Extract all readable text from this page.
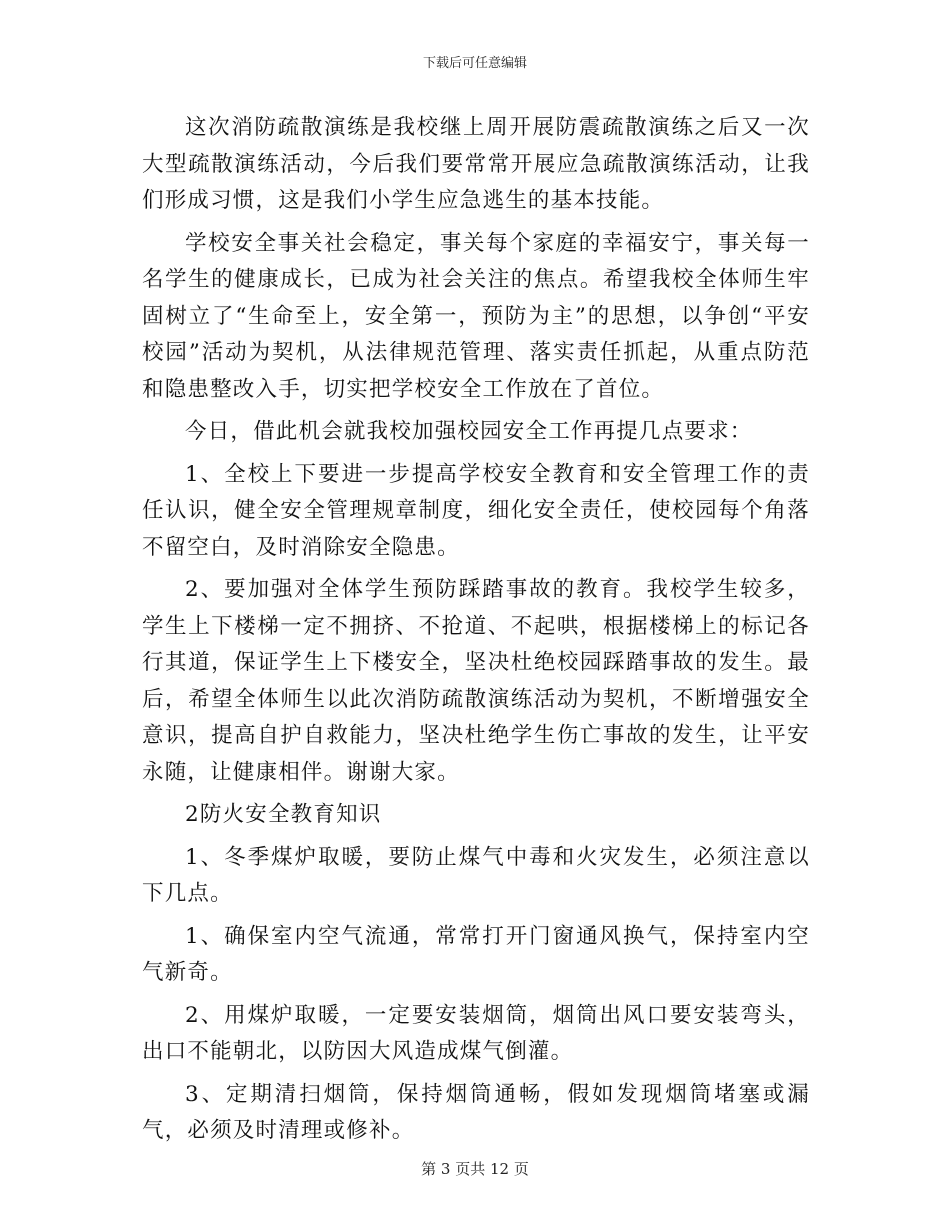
下载后可任意编辑

这次消防疏散演练是我校继上周开展防震疏散演练之后又一次大型疏散演练活动，今后我们要常常开展应急疏散演练活动，让我们形成习惯，这是我们小学生应急逃生的基本技能。

学校安全事关社会稳定，事关每个家庭的幸福安宁，事关每一名学生的健康成长，已成为社会关注的焦点。希望我校全体师生牢固树立了“生命至上，安全第一，预防为主”的思想，以争创“平安校园”活动为契机，从法律规范管理、落实责任抓起，从重点防范和隐患整改入手，切实把学校安全工作放在了首位。

今日，借此机会就我校加强校园安全工作再提几点要求：

1、全校上下要进一步提高学校安全教育和安全管理工作的责任认识，健全安全管理规章制度，细化安全责任，使校园每个角落不留空白，及时消除安全隐患。

2、要加强对全体学生预防踩踏事故的教育。我校学生较多，学生上下楼梯一定不拥挤、不抢道、不起哄，根据楼梯上的标记各行其道，保证学生上下楼安全，坚决杜绝校园踩踏事故的发生。最后，希望全体师生以此次消防疏散演练活动为契机，不断增强安全意识，提高自护自救能力，坚决杜绝学生伤亡事故的发生，让平安永随，让健康相伴。谢谢大家。

2防火安全教育知识

1、冬季煤炉取暖，要防止煤气中毒和火灾发生，必须注意以下几点。

1、确保室内空气流通，常常打开门窗通风换气，保持室内空气新奇。

2、用煤炉取暖，一定要安装烟筒，烟筒出风口要安装弯头，出口不能朝北，以防因大风造成煤气倒灌。

3、定期清扫烟筒，保持烟筒通畅，假如发现烟筒堵塞或漏气，必须及时清理或修补。

第 3 页共 12 页
